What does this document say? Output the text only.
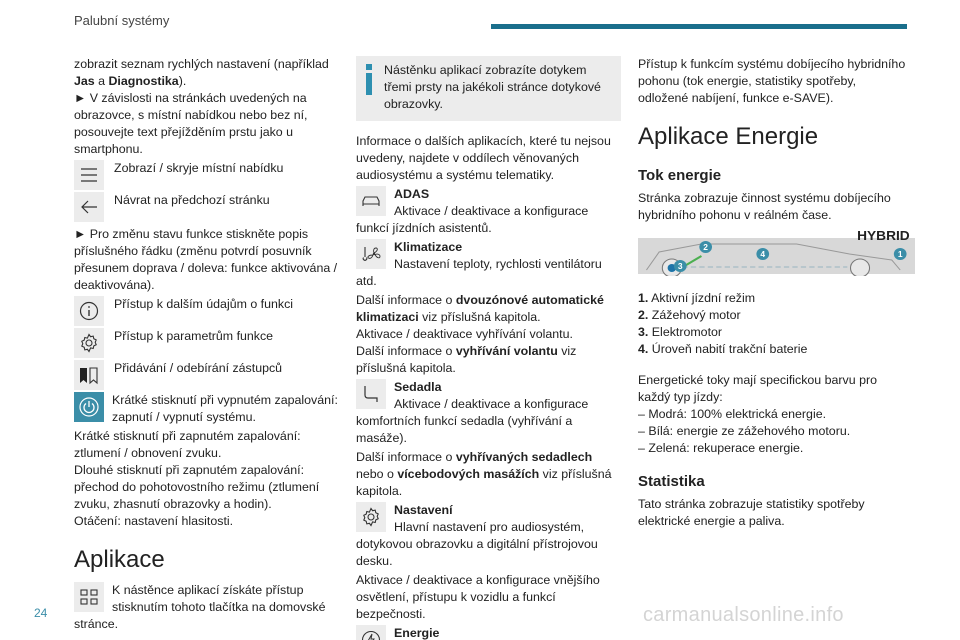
Palubní systémy

zobrazit seznam rychlých nastavení (například Jas a Diagnostika).

► V závislosti na stránkách uvedených na obrazovce, s místní nabídkou nebo bez ní, posouvejte text přejížděním prstu jako u smartphonu.

Zobrazí / skryje místní nabídku
Návrat na předchozí stránku

► Pro změnu stavu funkce stiskněte popis příslušného řádku (změnu potvrdí posuvník přesunem doprava / doleva: funkce aktivována / deaktivována).

Přístup k dalším údajům o funkci
Přístup k parametrům funkce
Přidávání / odebírání zástupců
Krátké stisknutí při vypnutém zapalování: zapnutí / vypnutí systému.

Krátké stisknutí při zapnutém zapalování: ztlumení / obnovení zvuku.

Dlouhé stisknutí při zapnutém zapalování: přechod do pohotovostního režimu (ztlumení zvuku, zhasnutí obrazovky a hodin).

Otáčení: nastavení hlasitosti.

Aplikace
K nástěnce aplikací získáte přístup stisknutím tohoto tlačítka na domovské stránce.
Nástěnku aplikací zobrazíte dotykem třemi prsty na jakékoli stránce dotykové obrazovky.

Informace o dalších aplikacích, které tu nejsou uvedeny, najdete v oddílech věnovaných audiosystému a systému telematiky.

ADAS
Aktivace / deaktivace a konfigurace funkcí jízdních asistentů.
Klimatizace
Nastavení teploty, rychlosti ventilátoru atd.

Další informace o dvouzónové automatické klimatizaci viz příslušná kapitola.

Aktivace / deaktivace vyhřívání volantu.

Další informace o vyhřívání volantu viz příslušná kapitola.

Sedadla
Aktivace / deaktivace a konfigurace komfortních funkcí sedadla (vyhřívání a masáže).

Další informace o vyhřívaných sedadlech nebo o vícebodových masážích viz příslušná kapitola.

Nastavení
Hlavní nastavení pro audiosystém, dotykovou obrazovku a digitální přístrojovou desku.

Aktivace / deaktivace a konfigurace vnějšího osvětlení, přístupu k vozidlu a funkcí bezpečnosti.

Energie

Přístup k funkcím systému dobíjecího hybridního pohonu (tok energie, statistiky spotřeby, odložené nabíjení, funkce e-SAVE).

Aplikace Energie
Tok energie

Stránka zobrazuje činnost systému dobíjecího hybridního pohonu v reálném čase.

HYBRID
1
2
3
4
1. Aktivní jízdní režim
2. Zážehový motor
3. Elektromotor
4. Úroveň nabití trakční baterie

Energetické toky mají specifickou barvu pro každý typ jízdy:

– Modrá: 100% elektrická energie.

– Bílá: energie ze zážehového motoru.

– Zelená: rekuperace energie.

Statistika

Tato stránka zobrazuje statistiky spotřeby elektrické energie a paliva.

24	carmanualsonline.info
